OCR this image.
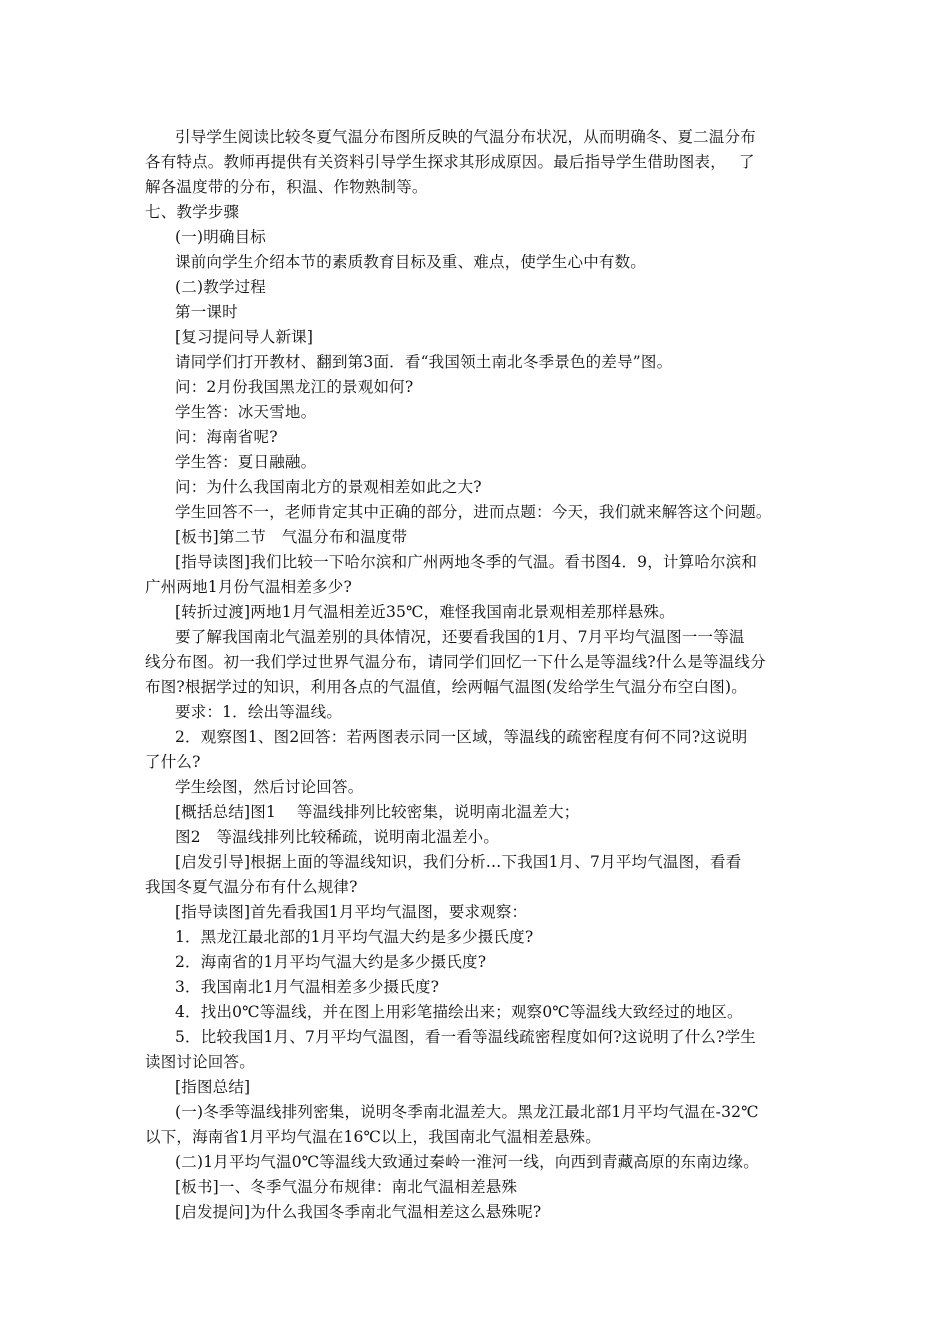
引导学生阅读比较冬夏气温分布图所反映的气温分布状况，从而明确冬、夏二温分布
各有特点。教师再提供有关资料引导学生探求其形成原因。最后指导学生借助图表，　 了
解各温度带的分布，积温、作物熟制等。
七、教学步骤
(一)明确目标
课前向学生介绍本节的素质教育目标及重、难点，使学生心中有数。
(二)教学过程
第一课时
[复习提问导人新课]
请同学们打开教材、翻到第3面．看“我国领土南北冬季景色的差导”图。
问：2月份我国黑龙江的景观如何?
学生答：冰天雪地。
问：海南省呢?
学生答：夏日融融。
问：为什么我国南北方的景观相差如此之大?
学生回答不一，老师肯定其中正确的部分，进而点题：今天，我们就来解答这个问题。
[板书]第二节　气温分布和温度带
[指导读图]我们比较一下哈尔滨和广州两地冬季的气温。看书图4．9，计算哈尔滨和
广州两地1月份气温相差多少?
[转折过渡]两地1月气温相差近35℃，难怪我国南北景观相差那样悬殊。
要了解我国南北气温差别的具体情况，还要看我国的1月、7月平均气温图一一等温
线分布图。初一我们学过世界气温分布，请同学们回忆一下什么是等温线?什么是等温线分
布图?根据学过的知识，利用各点的气温值，绘两幅气温图(发给学生气温分布空白图)。
要求：1．绘出等温线。
2．观察图1、图2回答：若两图表示同一区域，等温线的疏密程度有何不同?这说明
了什么?
学生绘图，然后讨论回答。
[概括总结]图1　 等温线排列比较密集，说明南北温差大；
图2　等温线排列比较稀疏，说明南北温差小。
[启发引导]根据上面的等温线知识，我们分析…下我国1月、7月平均气温图，看看
我国冬夏气温分布有什么规律?
[指导读图]首先看我国1月平均气温图，要求观察：
1．黑龙江最北部的1月平均气温大约是多少摄氏度?
2．海南省的1月平均气温大约是多少摄氏度?
3．我国南北1月气温相差多少摄氏度?
4．找出0℃等温线，并在图上用彩笔描绘出来；观察0℃等温线大致经过的地区。
5．比较我国1月、7月平均气温图，看一看等温线疏密程度如何?这说明了什么?学生
读图讨论回答。
[指图总结]
(一)冬季等温线排列密集，说明冬季南北温差大。黑龙江最北部1月平均气温在-32℃
以下，海南省1月平均气温在16℃以上，我国南北气温相差悬殊。
(二)1月平均气温0℃等温线大致通过秦岭一淮河一线，向西到青藏高原的东南边缘。
[板书]一、冬季气温分布规律：南北气温相差悬殊
[启发提问]为什么我国冬季南北气温相差这么悬殊呢?
